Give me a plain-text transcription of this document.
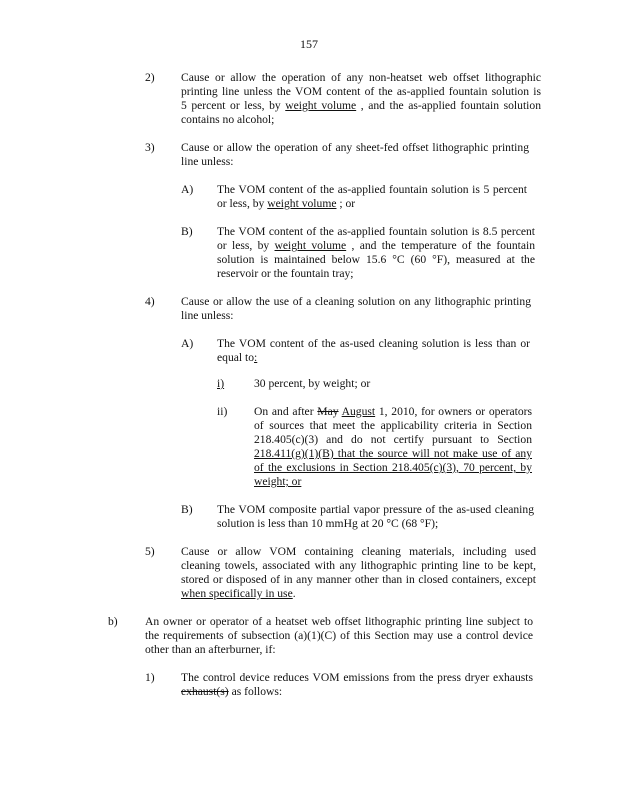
157
2) Cause or allow the operation of any non-heatset web offset lithographic
printing line unless the VOM content of the as-applied fountain solution is
5 percent or less, by weight volume , and the as-applied fountain solution
contains no alcohol;
3) Cause or allow the operation of any sheet-fed offset lithographic printing
line unless:
A) The VOM content of the as-applied fountain solution is 5 percent
or less, by weight volume ; or
B) The VOM content of the as-applied fountain solution is 8.5 percent
or less, by weight volume , and the temperature of the fountain
solution is maintained below 15.6 °C (60 °F), measured at the
reservoir or the fountain tray;
4) Cause or allow the use of a cleaning solution on any lithographic printing
line unless:
A) The VOM content of the as-used cleaning solution is less than or
equal to:
i)	30 percent, by weight; or
ii) On and after May August 1, 2010, for owners or operators
of sources that meet the applicability criteria in Section
218.405(c)(3) and do not certify pursuant to Section
218.411(g)(1)(B) that the source will not make use of any
of the exclusions in Section 218.405(c)(3), 70 percent, by
weight; or
B) The VOM composite partial vapor pressure of the as-used cleaning
solution is less than 10 mmHg at 20 °C (68 °F);
5) Cause or allow VOM containing cleaning materials, including used
cleaning towels, associated with any lithographic printing line to be kept,
stored or disposed of in any manner other than in closed containers, except
when specifically in use.
b) An owner or operator of a heatset web offset lithographic printing line subject to
the requirements of subsection (a)(1)(C) of this Section may use a control device
other than an afterburner, if:
1) The control device reduces VOM emissions from the press dryer exhausts
exhaust(s) as follows:
